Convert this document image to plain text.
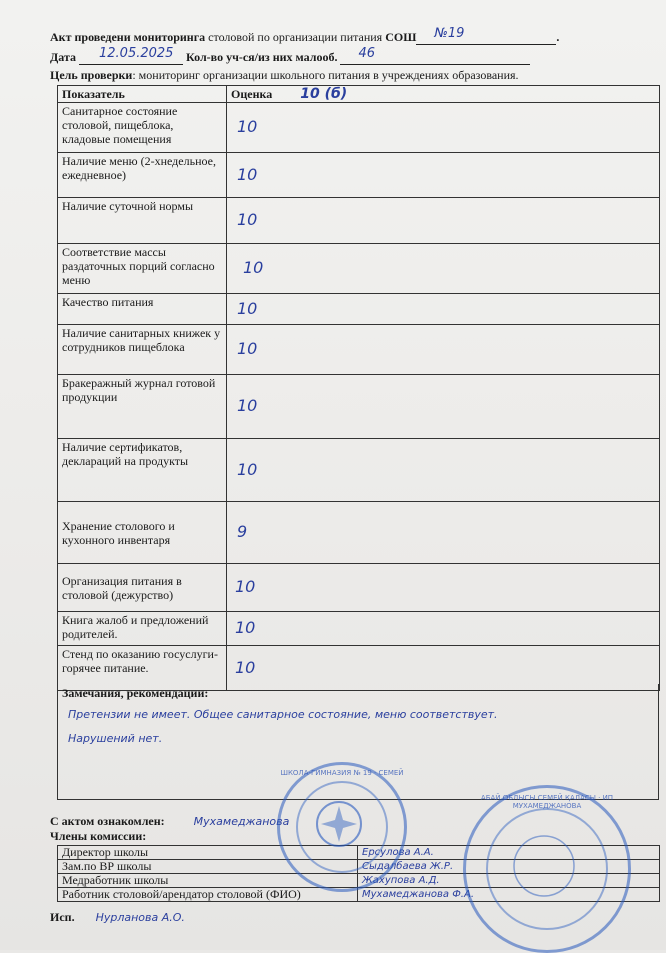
Акт проведени мониторинга столовой по организации питания СОШ №19	.
Дата 12.05.2025 Кол-во уч-ся/из них малооб. 46
Цель проверки: мониторинг организации школьного питания в учреждениях образования.
Показатель	Оценка 10 (б)
Санитарное состояние столовой, пищеблока, кладовые помещения	10
Наличие меню (2-хнедельное, ежедневное)	10
Наличие суточной нормы	10
Соответствие массы раздаточных порций согласно меню	10
Качество питания	10
Наличие санитарных книжек у сотрудников пищеблока	10
Бракеражный журнал готовой продукции	10
Наличие сертификатов, деклараций на продукты	10
Хранение столового и кухонного инвентаря	9
Организация питания в столовой (дежурство)	10
Книга жалоб и предложений родителей.	10
Стенд по оказанию госуслуги-горячее питание.	10
Замечания, рекомендации:
Претензии не имеет. Общее санитарное состояние, меню соответствует.
Нарушений нет.
С актом ознакомлен:	Мухамеджанова
Члены комиссии:
Директор школы	Ерсулова А.А.
Зам.по ВР школы	Сыдалбаева Ж.Р.
Медработник школы	Жахупова А.Д.
Работник столовой/арендатор столовой (ФИО)	Мухамеджанова Ф.А.
Исп. Нурланова А.О.
ШКОЛА-ГИМНАЗИЯ № 19 · СЕМЕЙ
АБАЙ ОБЛЫСЫ СЕМЕЙ ҚАЛАСЫ · ИП МУХАМЕДЖАНОВА
